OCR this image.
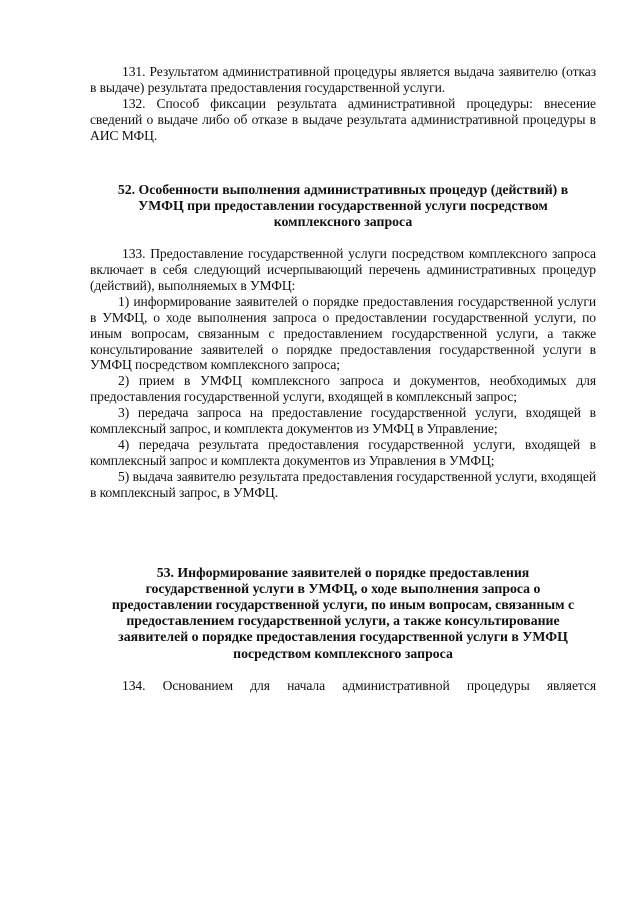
131. Результатом административной процедуры является выдача заявителю (отказ в выдаче) результата предоставления государственной услуги.

132. Способ фиксации результата административной процедуры: внесение сведений о выдаче либо об отказе в выдаче результата административной процедуры в АИС МФЦ.

52. Особенности выполнения административных процедур (действий) в УМФЦ при предоставлении государственной услуги посредством комплексного запроса

133. Предоставление государственной услуги посредством комплексного запроса включает в себя следующий исчерпывающий перечень административных процедур (действий), выполняемых в УМФЦ:

1) информирование заявителей о порядке предоставления государственной услуги в УМФЦ, о ходе выполнения запроса о предоставлении государственной услуги, по иным вопросам, связанным с предоставлением государственной услуги, а также консультирование заявителей о порядке предоставления государственной услуги в УМФЦ посредством комплексного запроса;

2) прием в УМФЦ комплексного запроса и документов, необходимых для предоставления государственной услуги, входящей в комплексный запрос;

3) передача запроса на предоставление государственной услуги, входящей в комплексный запрос, и комплекта документов из УМФЦ в Управление;

4) передача результата предоставления государственной услуги, входящей в комплексный запрос и комплекта документов из Управления в УМФЦ;

5) выдача заявителю результата предоставления государственной услуги, входящей в комплексный запрос, в УМФЦ.

53. Информирование заявителей о порядке предоставления государственной услуги в УМФЦ, о ходе выполнения запроса о предоставлении государственной услуги, по иным вопросам, связанным с предоставлением государственной услуги, а также консультирование заявителей о порядке предоставления государственной услуги в УМФЦ посредством комплексного запроса

134. Основанием для начала административной процедуры является
